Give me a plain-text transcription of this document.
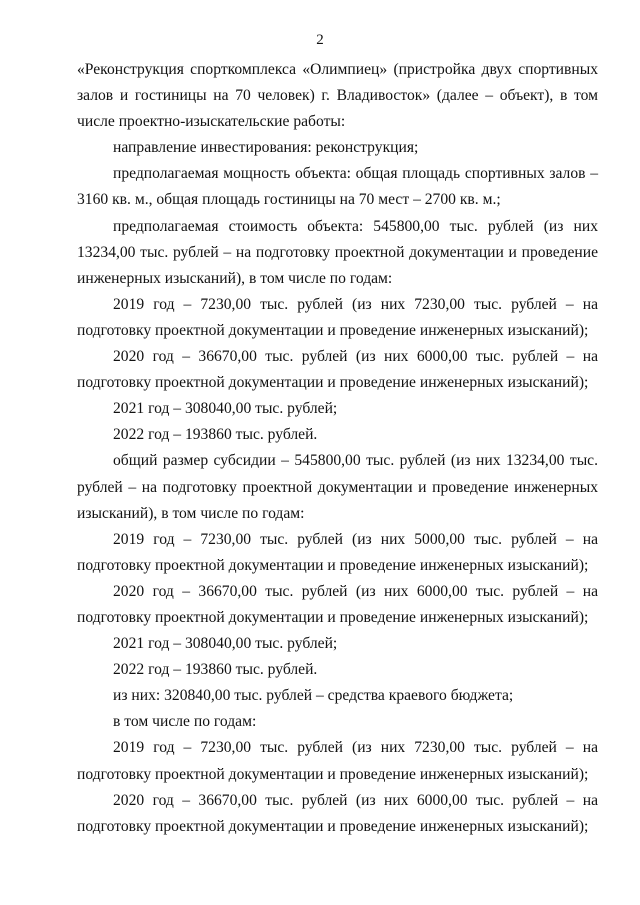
2

«Реконструкция спорткомплекса «Олимпиец» (пристройка двух спортивных залов и гостиницы на 70 человек) г. Владивосток» (далее – объект), в том числе проектно-изыскательские работы:

направление инвестирования: реконструкция;

предполагаемая мощность объекта: общая площадь спортивных залов – 3160 кв. м., общая площадь гостиницы на 70 мест – 2700 кв. м.;

предполагаемая стоимость объекта: 545800,00 тыс. рублей (из них 13234,00 тыс. рублей – на подготовку проектной документации и проведение инженерных изысканий), в том числе по годам:

2019 год – 7230,00 тыс. рублей (из них 7230,00 тыс. рублей – на подготовку проектной документации и проведение инженерных изысканий);

2020 год – 36670,00 тыс. рублей (из них 6000,00 тыс. рублей – на подготовку проектной документации и проведение инженерных изысканий);

2021 год – 308040,00 тыс. рублей;

2022 год – 193860 тыс. рублей.

общий размер субсидии – 545800,00 тыс. рублей (из них 13234,00 тыс. рублей – на подготовку проектной документации и проведение инженерных изысканий), в том числе по годам:

2019 год – 7230,00 тыс. рублей (из них 5000,00 тыс. рублей – на подготовку проектной документации и проведение инженерных изысканий);

2020 год – 36670,00 тыс. рублей (из них 6000,00 тыс. рублей – на подготовку проектной документации и проведение инженерных изысканий);

2021 год – 308040,00 тыс. рублей;

2022 год – 193860 тыс. рублей.

из них: 320840,00 тыс. рублей – средства краевого бюджета;

в том числе по годам:

2019 год – 7230,00 тыс. рублей (из них 7230,00 тыс. рублей – на подготовку проектной документации и проведение инженерных изысканий);

2020 год – 36670,00 тыс. рублей (из них 6000,00 тыс. рублей – на подготовку проектной документации и проведение инженерных изысканий);
